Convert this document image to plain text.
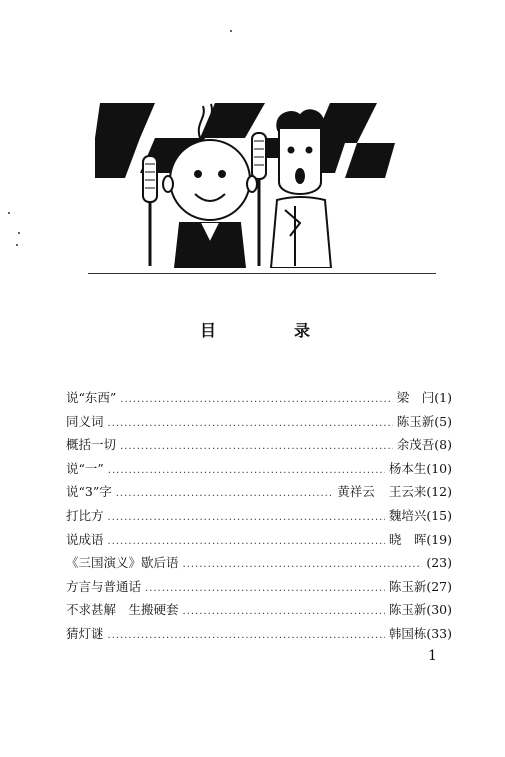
目	录
说“东西” .....	梁　闩 (1)
同义词 .....	陈玉新 (5)
概括一切 .....	余茂吾 (8)
说“一” .....	杨本生 (10)
说“3”字 .....	黄祥云 王云来 (12)
打比方 .....	魏培兴 (15)
说成语 .....	晓　晖 (19)
《三国演义》歇后语 .....	(23)
方言与普通话 .....	陈玉新 (27)
不求甚解　生搬硬套 .....	陈玉新 (30)
猜灯谜 .....	韩国栋 (33)
1
